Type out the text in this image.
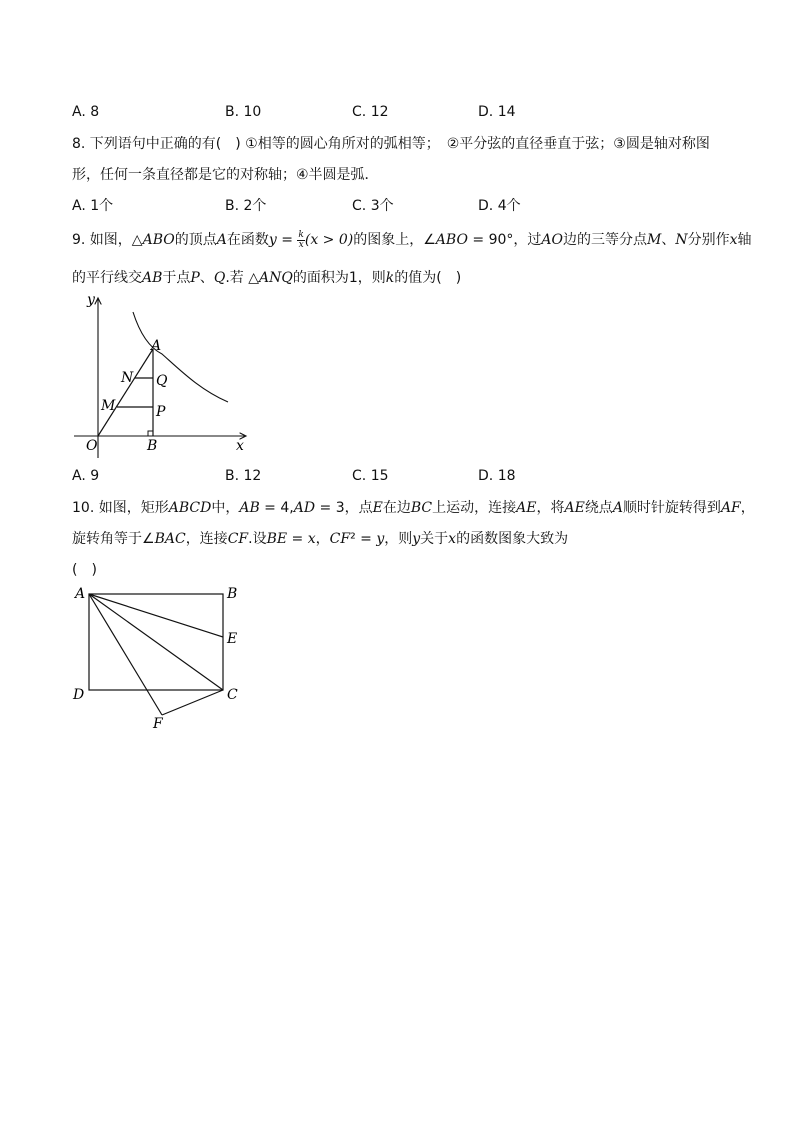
A. 8	B. 10	C. 12	D. 14
8. 下列语句中正确的有(　) ①相等的圆心角所对的弧相等； ②平分弦的直径垂直于弦；③圆是轴对称图
形，任何一条直径都是它的对称轴；④半圆是弧．
A. 1个	B. 2个	C. 3个	D. 4个
9. 如图，△ABO的顶点A在函数$y = \frac{k}{x} (x > 0)$的图象上，∠ABO = 90°，过AO边的三等分点M、N分别作x轴
的平行线交AB于点P、Q.若 △ANQ的面积为1，则k的值为(　)
y
x
O
A
N Q
M	P
B
A. 9	B. 12	C. 15	D. 18
10. 如图，矩形ABCD中，AB = 4,AD = 3，点E在边BC上运动，连接AE，将AE绕点A顺时针旋转得到AF，
旋转角等于∠BAC，连接CF.设BE = x，CF² = y，则y关于x的函数图象大致为
(　)
A	B
E
D	C
F
